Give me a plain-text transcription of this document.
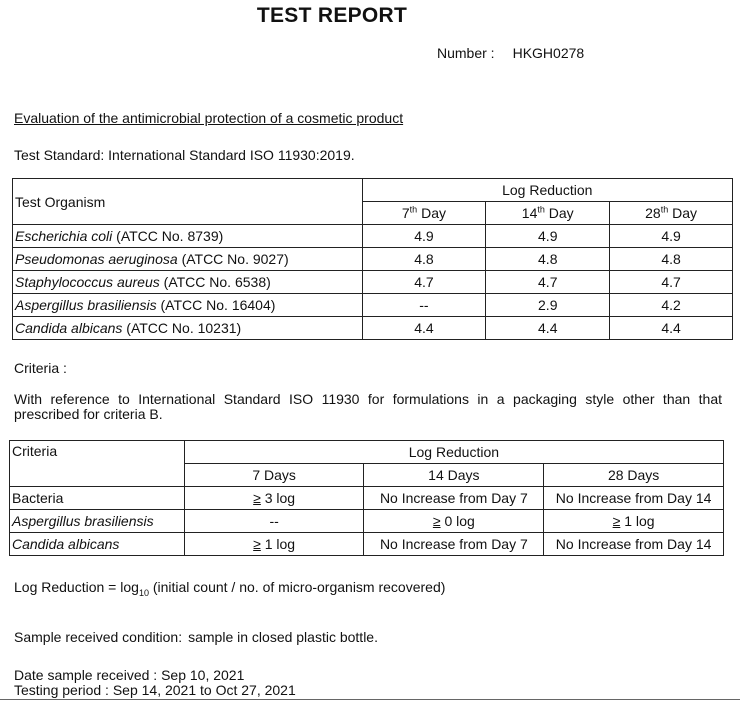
TEST REPORT
Number : HKGH0278
Evaluation of the antimicrobial protection of a cosmetic product
Test Standard: International Standard ISO 11930:2019.
Test Organism	Log Reduction		
	7th Day	14th Day	28th Day
Escherichia coli (ATCC No. 8739)	4.9	4.9	4.9
Pseudomonas aeruginosa (ATCC No. 9027)	4.8	4.8	4.8
Staphylococcus aureus (ATCC No. 6538)	4.7	4.7	4.7
Aspergillus brasiliensis (ATCC No. 16404)	--	2.9	4.2
Candida albicans (ATCC No. 10231)	4.4	4.4	4.4
Criteria :
With reference to International Standard ISO 11930 for formulations in a packaging style other than that prescribed for criteria B.
Criteria	Log Reduction		
	7 Days	14 Days	28 Days
Bacteria	≥ 3 log	No Increase from Day 7	No Increase from Day 14
Aspergillus brasiliensis	--	≥ 0 log	≥ 1 log
Candida albicans	≥ 1 log	No Increase from Day 7	No Increase from Day 14
Log Reduction = $\log_{10}$ (initial count / no. of micro-organism recovered)
Sample received condition: sample in closed plastic bottle.
Date sample received : Sep 10, 2021
Testing period : Sep 14, 2021 to Oct 27, 2021
